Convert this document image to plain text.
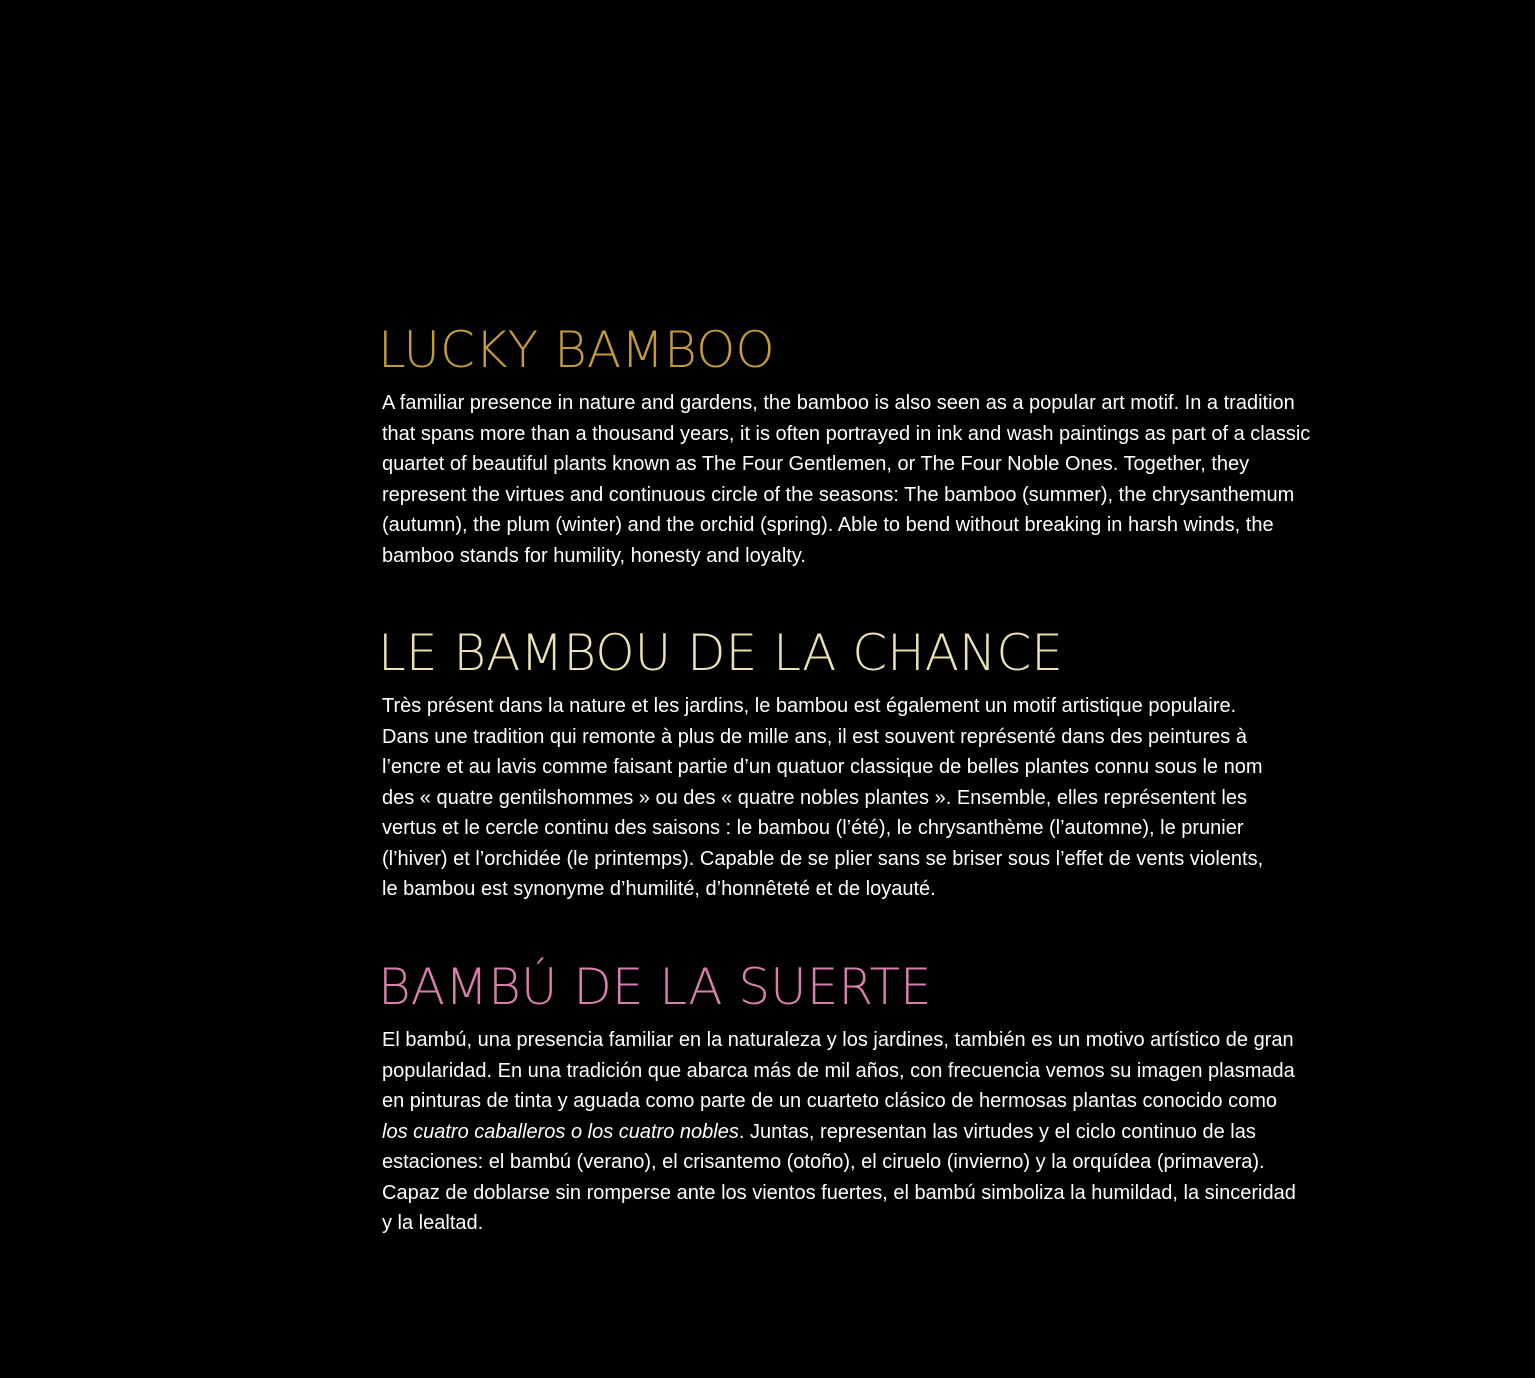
LUCKY BAMBOO

A familiar presence in nature and gardens, the bamboo is also seen as a popular art motif. In a tradition
that spans more than a thousand years, it is often portrayed in ink and wash paintings as part of a classic
quartet of beautiful plants known as The Four Gentlemen, or The Four Noble Ones. Together, they
represent the virtues and continuous circle of the seasons: The bamboo (summer), the chrysanthemum
(autumn), the plum (winter) and the orchid (spring). Able to bend without breaking in harsh winds, the
bamboo stands for humility, honesty and loyalty.

LE BAMBOU DE LA CHANCE

Très présent dans la nature et les jardins, le bambou est également un motif artistique populaire.
Dans une tradition qui remonte à plus de mille ans, il est souvent représenté dans des peintures à
l’encre et au lavis comme faisant partie d’un quatuor classique de belles plantes connu sous le nom
des « quatre gentilshommes » ou des « quatre nobles plantes ». Ensemble, elles représentent les
vertus et le cercle continu des saisons : le bambou (l’été), le chrysanthème (l’automne), le prunier
(l’hiver) et l’orchidée (le printemps). Capable de se plier sans se briser sous l’effet de vents violents,
le bambou est synonyme d’humilité, d’honnêteté et de loyauté.

BAMBÚ DE LA SUERTE

El bambú, una presencia familiar en la naturaleza y los jardines, también es un motivo artístico de gran
popularidad. En una tradición que abarca más de mil años, con frecuencia vemos su imagen plasmada
en pinturas de tinta y aguada como parte de un cuarteto clásico de hermosas plantas conocido como
los cuatro caballeros o los cuatro nobles. Juntas, representan las virtudes y el ciclo continuo de las
estaciones: el bambú (verano), el crisantemo (otoño), el ciruelo (invierno) y la orquídea (primavera).
Capaz de doblarse sin romperse ante los vientos fuertes, el bambú simboliza la humildad, la sinceridad
y la lealtad.
